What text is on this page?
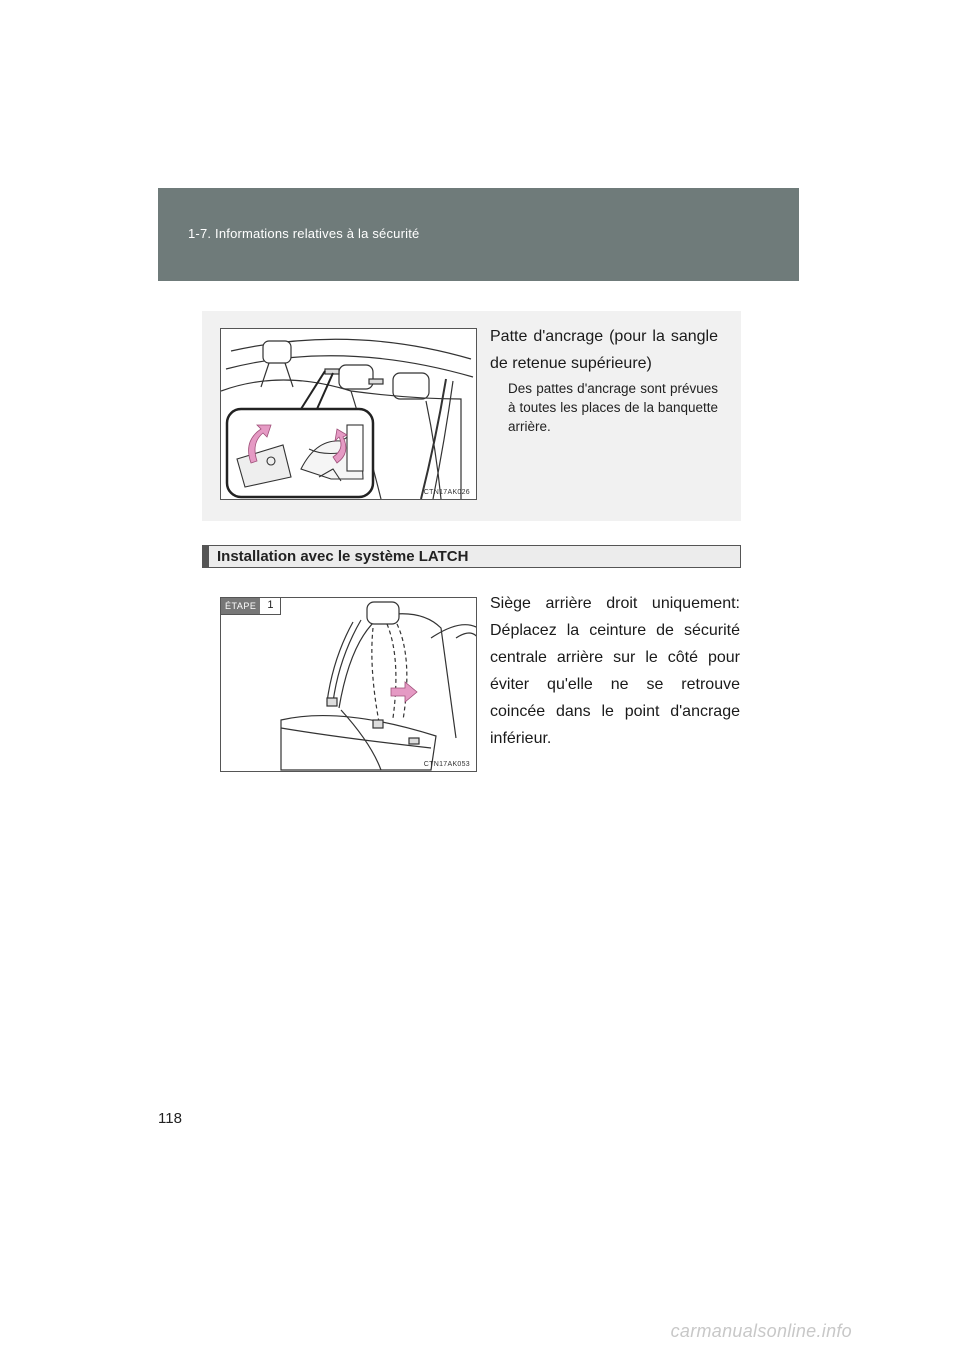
1-7. Informations relatives à la sécurité
CTN17AK026
Patte d'ancrage (pour la sangle de retenue supérieure)
Des pattes d'ancrage sont prévues à toutes les places de la banquette arrière.
Installation avec le système LATCH
ÉTAPE	1
CTN17AK053
Siège arrière droit uniquement: Déplacez la ceinture de sécurité centrale arrière sur le côté pour éviter qu'elle ne se retrouve coincée dans le point d'ancrage inférieur.
118
carmanualsonline.info
